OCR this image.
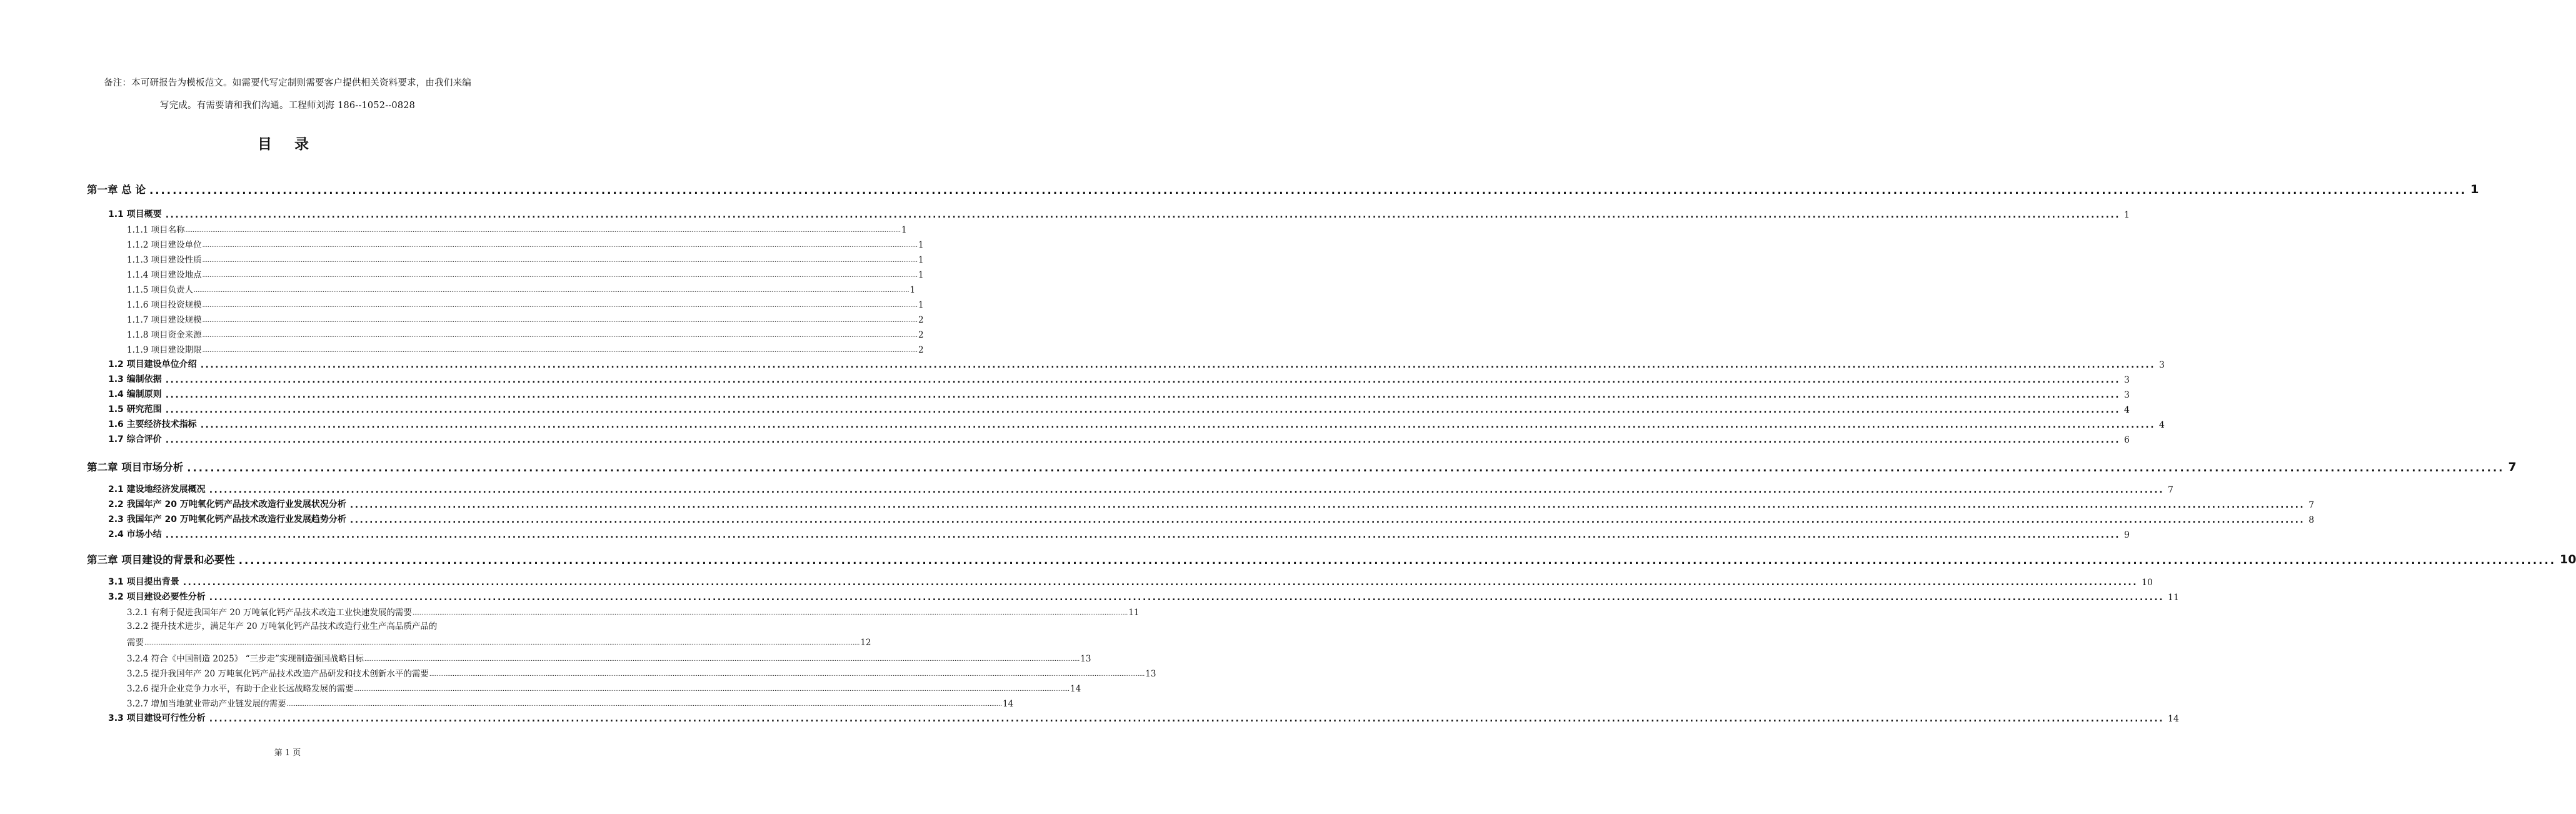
备注：本可研报告为模板范文。如需要代写定制则需要客户提供相关资料要求，由我们来编
写完成。有需要请和我们沟通。工程师刘海 186--1052--0828
目 录
第一章 总 论 ................................................................................................................................................................................................................................................................................................................................................................................................................ 1
1.1 项目概要 ................................................................................................................................................................................................................................................................................................................................................................................................................ 1
1.1.1 项目名称 ................................................................................................................................................................................................................................................................................................................................................................................................................ 1
1.1.2 项目建设单位 ................................................................................................................................................................................................................................................................................................................................................................................................................ 1
1.1.3 项目建设性质 ................................................................................................................................................................................................................................................................................................................................................................................................................ 1
1.1.4 项目建设地点 ................................................................................................................................................................................................................................................................................................................................................................................................................ 1
1.1.5 项目负责人 ................................................................................................................................................................................................................................................................................................................................................................................................................ 1
1.1.6 项目投资规模 ................................................................................................................................................................................................................................................................................................................................................................................................................ 1
1.1.7 项目建设规模 ................................................................................................................................................................................................................................................................................................................................................................................................................ 2
1.1.8 项目资金来源 ................................................................................................................................................................................................................................................................................................................................................................................................................ 2
1.1.9 项目建设期限 ................................................................................................................................................................................................................................................................................................................................................................................................................ 2
1.2 项目建设单位介绍 ................................................................................................................................................................................................................................................................................................................................................................................................................ 3
1.3 编制依据 ................................................................................................................................................................................................................................................................................................................................................................................................................ 3
1.4 编制原则 ................................................................................................................................................................................................................................................................................................................................................................................................................ 3
1.5 研究范围 ................................................................................................................................................................................................................................................................................................................................................................................................................ 4
1.6 主要经济技术指标 ................................................................................................................................................................................................................................................................................................................................................................................................................ 4
1.7 综合评价 ................................................................................................................................................................................................................................................................................................................................................................................................................ 6
第二章 项目市场分析 ................................................................................................................................................................................................................................................................................................................................................................................................................ 7
2.1 建设地经济发展概况 ................................................................................................................................................................................................................................................................................................................................................................................................................ 7
2.2 我国年产 20 万吨氧化钙产品技术改造行业发展状况分析 ................................................................................................................................................................................................................................................................................................................................................................................................................ 7
2.3 我国年产 20 万吨氧化钙产品技术改造行业发展趋势分析 ................................................................................................................................................................................................................................................................................................................................................................................................................ 8
2.4 市场小结 ................................................................................................................................................................................................................................................................................................................................................................................................................ 9
第三章 项目建设的背景和必要性 ................................................................................................................................................................................................................................................................................................................................................................................................................ 10
3.1 项目提出背景 ................................................................................................................................................................................................................................................................................................................................................................................................................ 10
3.2 项目建设必要性分析 ................................................................................................................................................................................................................................................................................................................................................................................................................ 11
3.2.1 有利于促进我国年产 20 万吨氧化钙产品技术改造工业快速发展的需要 ................................................................................................................................................................................................................................................................................................................................................................................................................ 11
3.2.2 提升技术进步，满足年产 20 万吨氧化钙产品技术改造行业生产高品质产品的
需要 ................................................................................................................................................................................................................................................................................................................................................................................................................ 12
3.2.4 符合《中国制造 2025》 “三步走”实现制造强国战略目标 ................................................................................................................................................................................................................................................................................................................................................................................................................ 13
3.2.5 提升我国年产 20 万吨氧化钙产品技术改造产品研发和技术创新水平的需要 ................................................................................................................................................................................................................................................................................................................................................................................................................ 13
3.2.6 提升企业竞争力水平，有助于企业长远战略发展的需要 ................................................................................................................................................................................................................................................................................................................................................................................................................ 14
3.2.7 增加当地就业带动产业链发展的需要 ................................................................................................................................................................................................................................................................................................................................................................................................................ 14
3.3 项目建设可行性分析 ................................................................................................................................................................................................................................................................................................................................................................................................................ 14
第 1 页
